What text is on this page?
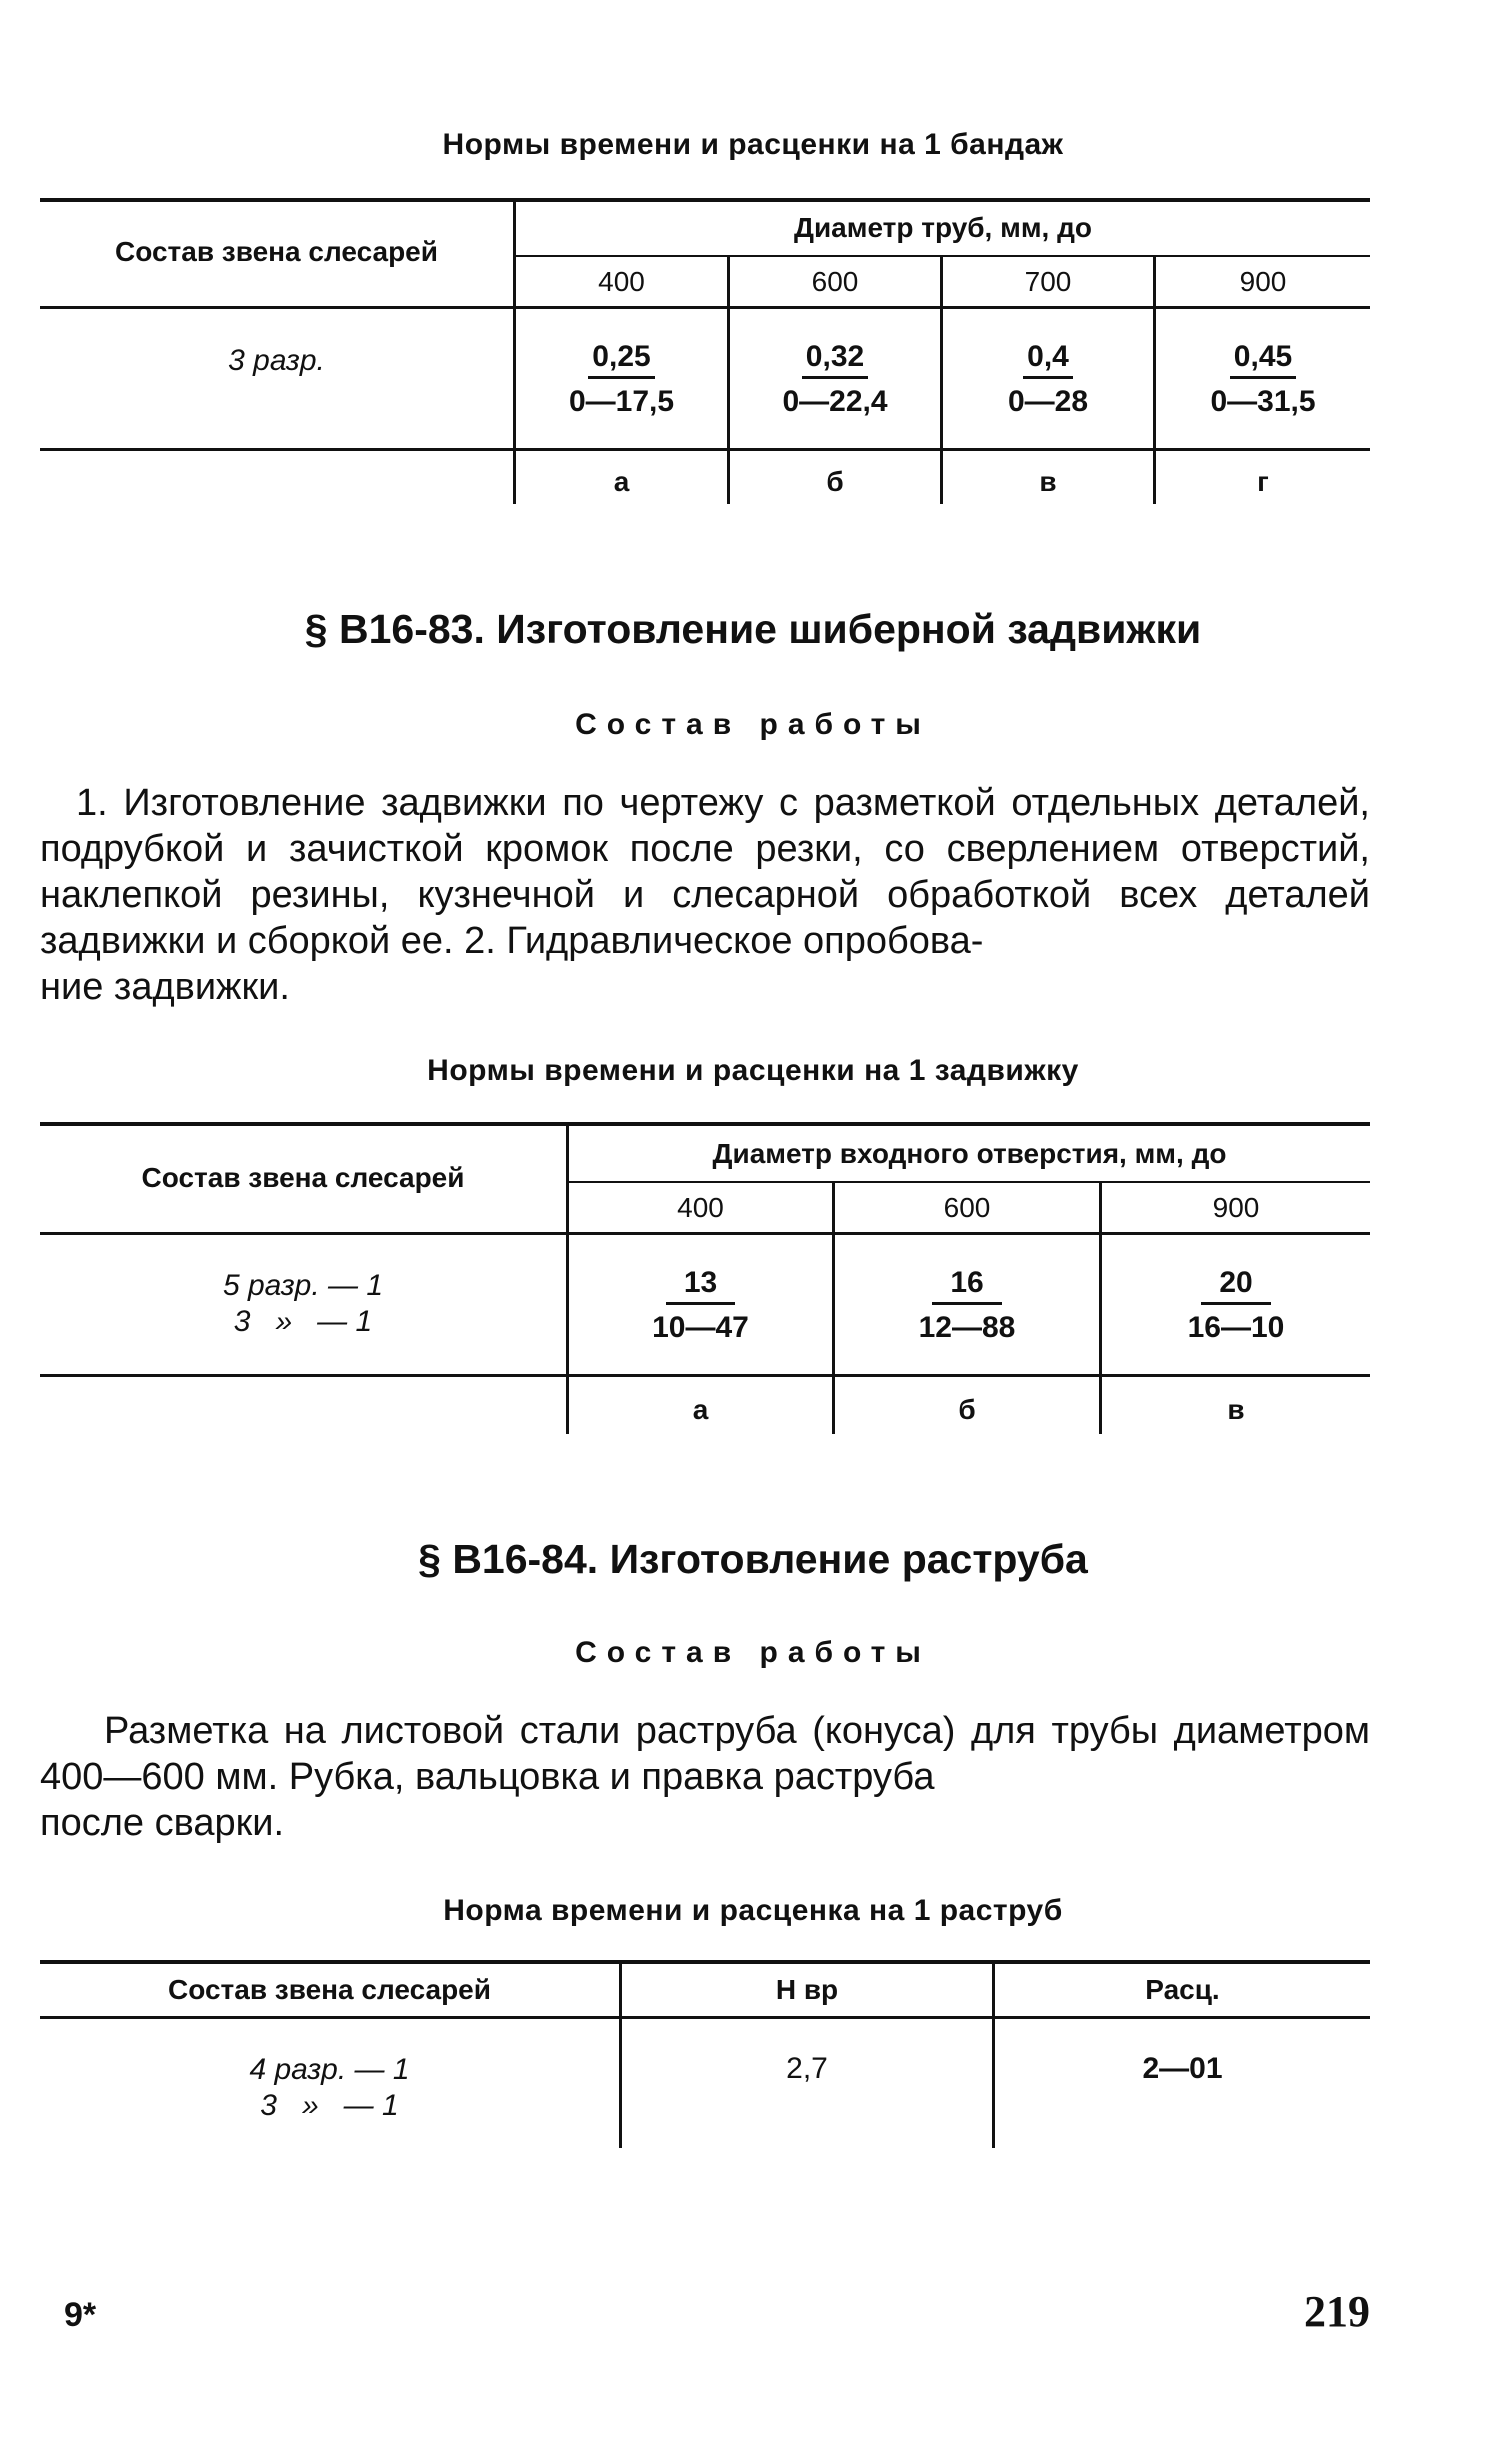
Нормы времени и расценки на 1 бандаж
Состав звена слесарей
Диаметр труб, мм, до
400	600	700	900
3 разр.	$\frac{0,25}{0—17,5} \frac{0,32}{0—22,4} \frac{0,4}{0—28} \frac{0,45}{0—31,5}$
а	б	в	г
§ В16-83. Изготовление шиберной задвижки
Состав работы
1. Изготовление задвижки по чертежу с разметкой отдельных деталей, подрубкой и зачисткой кромок после резки, со сверлением отверстий, наклепкой резины, кузнечной и слесарной обработкой всех деталей задвижки и сборкой ее. 2. Гидравлическое опробова-
ние задвижки.
Нормы времени и расценки на 1 задвижку
Состав звена слесарей
Диаметр входного отверстия, мм, до
400	600	900
5 разр. — 1
3   »   — 1	$\frac{13}{10—47} \frac{16}{12—88} \frac{20}{16—10}$
а	б	в
§ В16-84. Изготовление раструба
Состав работы
Разметка на листовой стали раструба (конуса) для трубы диаметром 400—600 мм. Рубка, вальцовка и правка раструба
после сварки.
Норма времени и расценка на 1 раструб
Состав звена слесарей	Н вр	Расц.
4 разр. — 1
3   »   — 1
2,7	2—01
9*	219
